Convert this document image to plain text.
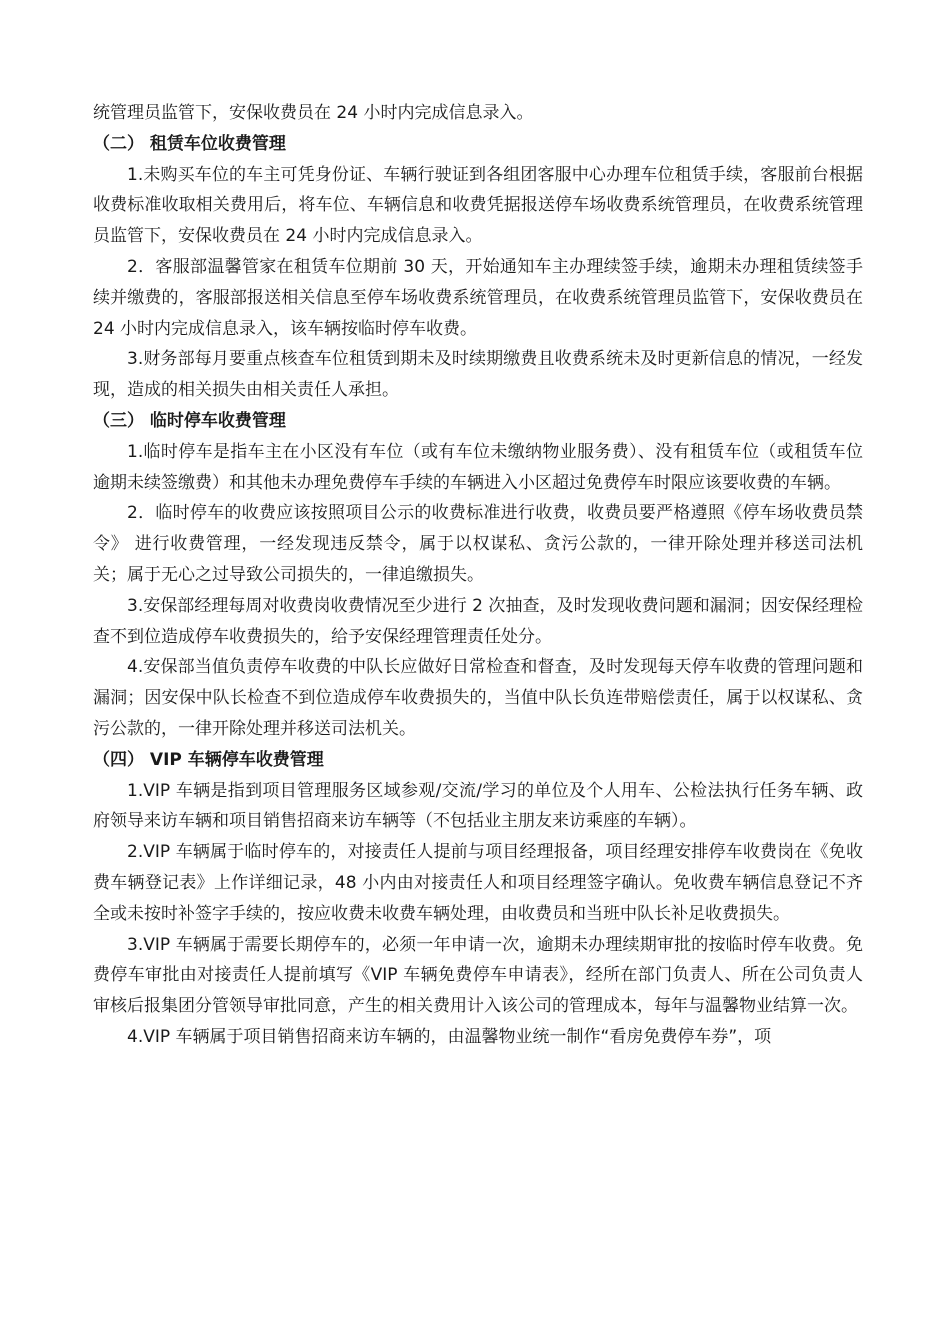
统管理员监管下，安保收费员在 24 小时内完成信息录入。

（二） 租赁车位收费管理

1.未购买车位的车主可凭身份证、车辆行驶证到各组团客服中心办理车位租赁手续，客服前台根据收费标准收取相关费用后，将车位、车辆信息和收费凭据报送停车场收费系统管理员，在收费系统管理员监管下，安保收费员在 24 小时内完成信息录入。

2．客服部温馨管家在租赁车位期前 30 天，开始通知车主办理续签手续，逾期未办理租赁续签手续并缴费的，客服部报送相关信息至停车场收费系统管理员，在收费系统管理员监管下，安保收费员在 24 小时内完成信息录入，该车辆按临时停车收费。

3.财务部每月要重点核查车位租赁到期未及时续期缴费且收费系统未及时更新信息的情况，一经发现，造成的相关损失由相关责任人承担。

（三） 临时停车收费管理

1.临时停车是指车主在小区没有车位（或有车位未缴纳物业服务费）、没有租赁车位（或租赁车位逾期未续签缴费）和其他未办理免费停车手续的车辆进入小区超过免费停车时限应该要收费的车辆。

2．临时停车的收费应该按照项目公示的收费标准进行收费，收费员要严格遵照《停车场收费员禁令》 进行收费管理，一经发现违反禁令，属于以权谋私、贪污公款的，一律开除处理并移送司法机关；属于无心之过导致公司损失的，一律追缴损失。

3.安保部经理每周对收费岗收费情况至少进行 2 次抽查，及时发现收费问题和漏洞；因安保经理检查不到位造成停车收费损失的，给予安保经理管理责任处分。

4.安保部当值负责停车收费的中队长应做好日常检查和督查，及时发现每天停车收费的管理问题和漏洞；因安保中队长检查不到位造成停车收费损失的，当值中队长负连带赔偿责任，属于以权谋私、贪污公款的，一律开除处理并移送司法机关。

（四） VIP 车辆停车收费管理

1.VIP 车辆是指到项目管理服务区域参观/交流/学习的单位及个人用车、公检法执行任务车辆、政府领导来访车辆和项目销售招商来访车辆等（不包括业主朋友来访乘座的车辆）。

2.VIP 车辆属于临时停车的，对接责任人提前与项目经理报备，项目经理安排停车收费岗在《免收费车辆登记表》上作详细记录，48 小内由对接责任人和项目经理签字确认。免收费车辆信息登记不齐全或未按时补签字手续的，按应收费未收费车辆处理，由收费员和当班中队长补足收费损失。

3.VIP 车辆属于需要长期停车的，必须一年申请一次，逾期未办理续期审批的按临时停车收费。免费停车审批由对接责任人提前填写《VIP 车辆免费停车申请表》，经所在部门负责人、所在公司负责人审核后报集团分管领导审批同意，产生的相关费用计入该公司的管理成本，每年与温馨物业结算一次。

4.VIP 车辆属于项目销售招商来访车辆的，由温馨物业统一制作“看房免费停车券”，项
